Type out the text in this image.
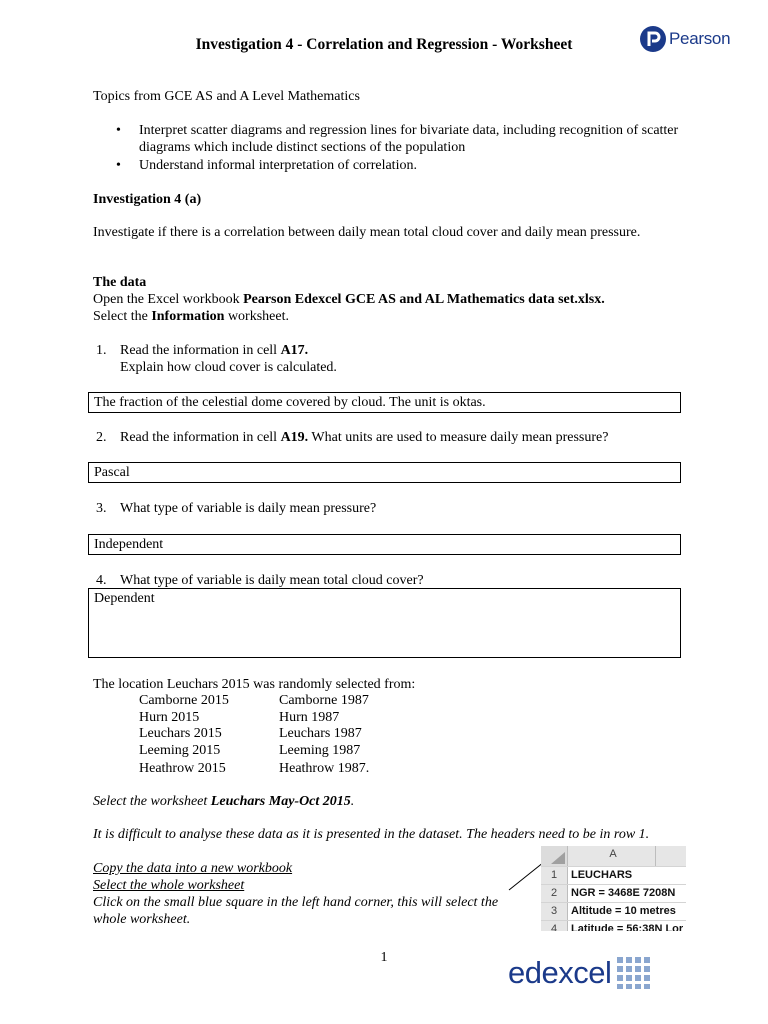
Investigation 4 - Correlation and Regression - Worksheet	Pearson
Topics from GCE AS and A Level Mathematics
• Interpret scatter diagrams and regression lines for bivariate data, including recognition of scatter diagrams which include distinct sections of the population
• Understand informal interpretation of correlation.
Investigation 4 (a)
Investigate if there is a correlation between daily mean total cloud cover and daily mean pressure.
The data
Open the Excel workbook Pearson Edexcel GCE AS and AL Mathematics data set.xlsx.
Select the Information worksheet.
1. Read the information in cell A17.
Explain how cloud cover is calculated.
The fraction of the celestial dome covered by cloud. The unit is oktas.
2. Read the information in cell A19. What units are used to measure daily mean pressure?
Pascal
3. What type of variable is daily mean pressure?
Independent
4. What type of variable is daily mean total cloud cover?
Dependent
The location Leuchars 2015 was randomly selected from:
Camborne 2015	Camborne 1987
Hurn 2015	Hurn 1987
Leuchars 2015	Leuchars 1987
Leeming 2015	Leeming 1987
Heathrow 2015	Heathrow 1987.
Select the worksheet Leuchars May-Oct 2015.
It is difficult to analyse these data as it is presented in the dataset. The headers need to be in row 1.
Copy the data into a new workbook
Select the whole worksheet
Click on the small blue square in the left hand corner, this will select the whole worksheet.
A
1	LEUCHARS
2	NGR = 3468E 7208N
3	Altitude = 10 metres
4	Latitude = 56:38N Lor
1	edexcel
